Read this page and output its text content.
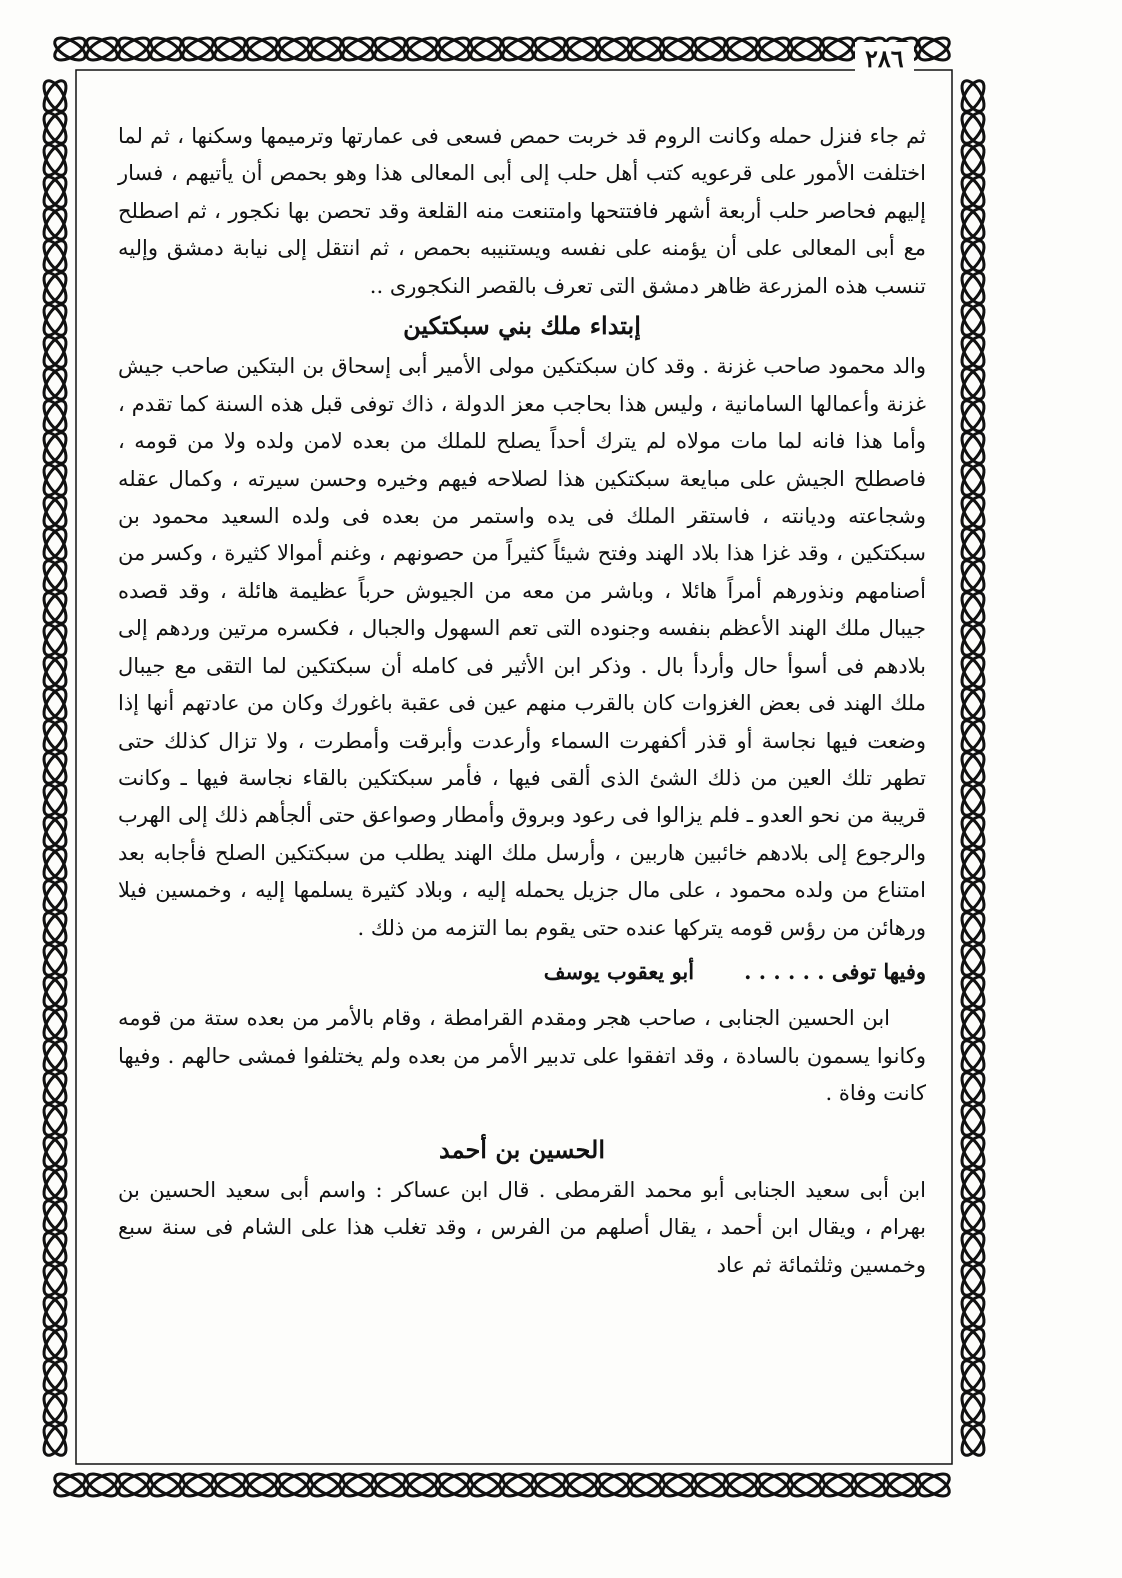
٢٨٦

ثم جاء فنزل حمله وكانت الروم قد خربت حمص فسعى فى عمارتها وترميمها وسكنها ، ثم لما اختلفت الأمور على قرعويه كتب أهل حلب إلى أبى المعالى هذا وهو بحمص أن يأتيهم ، فسار إليهم فحاصر حلب أربعة أشهر فافتتحها وامتنعت منه القلعة وقد تحصن بها نكجور ، ثم اصطلح مع أبى المعالى على أن يؤمنه على نفسه ويستنيبه بحمص ، ثم انتقل إلى نيابة دمشق وإليه تنسب هذه المزرعة ظاهر دمشق التى تعرف بالقصر النكجورى ..

إبتداء ملك بني سبكتكين

والد محمود صاحب غزنة . وقد كان سبكتكين مولى الأمير أبى إسحاق بن البتكين صاحب جيش غزنة وأعمالها السامانية ، وليس هذا بحاجب معز الدولة ، ذاك توفى قبل هذه السنة كما تقدم ، وأما هذا فانه لما مات مولاه لم يترك أحداً يصلح للملك من بعده لامن ولده ولا من قومه ، فاصطلح الجيش على مبايعة سبكتكين هذا لصلاحه فيهم وخيره وحسن سيرته ، وكمال عقله وشجاعته وديانته ، فاستقر الملك فى يده واستمر من بعده فى ولده السعيد محمود بن سبكتكين ، وقد غزا هذا بلاد الهند وفتح شيئاً كثيراً من حصونهم ، وغنم أموالا كثيرة ، وكسر من أصنامهم ونذورهم أمراً هائلا ، وباشر من معه من الجيوش حرباً عظيمة هائلة ، وقد قصده جيبال ملك الهند الأعظم بنفسه وجنوده التى تعم السهول والجبال ، فكسره مرتين وردهم إلى بلادهم فى أسوأ حال وأردأ بال . وذكر ابن الأثير فى كامله أن سبكتكين لما التقى مع جيبال ملك الهند فى بعض الغزوات كان بالقرب منهم عين فى عقبة باغورك وكان من عادتهم أنها إذا وضعت فيها نجاسة أو قذر أكفهرت السماء وأرعدت وأبرقت وأمطرت ، ولا تزال كذلك حتى تطهر تلك العين من ذلك الشئ الذى ألقى فيها ، فأمر سبكتكين بالقاء نجاسة فيها ـ وكانت قريبة من نحو العدو ـ فلم يزالوا فى رعود وبروق وأمطار وصواعق حتى ألجأهم ذلك إلى الهرب والرجوع إلى بلادهم خائبين هاربين ، وأرسل ملك الهند يطلب من سبكتكين الصلح فأجابه بعد امتناع من ولده محمود ، على مال جزيل يحمله إليه ، وبلاد كثيرة يسلمها إليه ، وخمسين فيلا ورهائن من رؤس قومه يتركها عنده حتى يقوم بما التزمه من ذلك .

وفيها توفى . . . . . .
أبو يعقوب يوسف

ابن الحسين الجنابى ، صاحب هجر ومقدم القرامطة ، وقام بالأمر من بعده ستة من قومه وكانوا يسمون بالسادة ، وقد اتفقوا على تدبير الأمر من بعده ولم يختلفوا فمشى حالهم . وفيها كانت وفاة .

الحسين بن أحمد

ابن أبى سعيد الجنابى أبو محمد القرمطى . قال ابن عساكر : واسم أبى سعيد الحسين بن بهرام ، ويقال ابن أحمد ، يقال أصلهم من الفرس ، وقد تغلب هذا على الشام فى سنة سبع وخمسين وثلثمائة ثم عاد
